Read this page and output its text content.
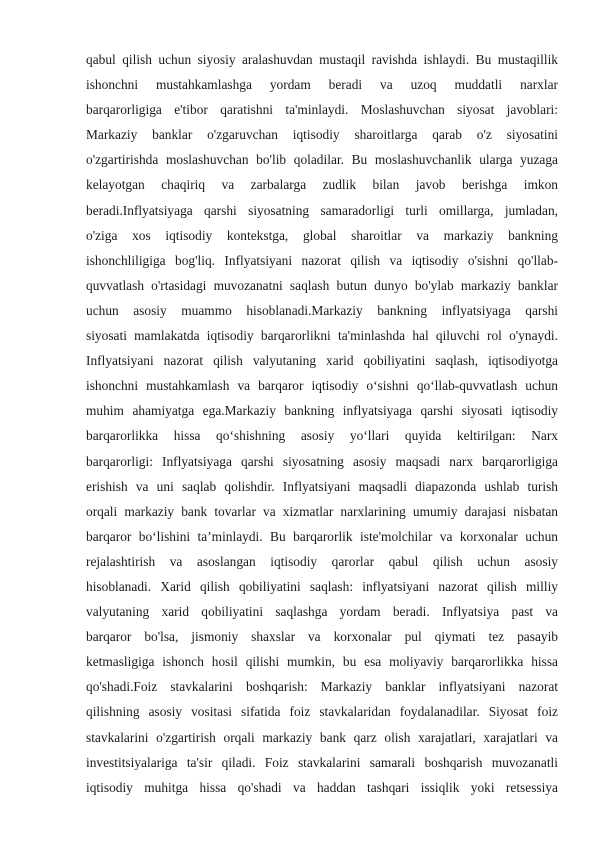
qabul qilish uchun siyosiy aralashuvdan mustaqil ravishda ishlaydi. Bu mustaqillik
ishonchni mustahkamlashga yordam beradi va uzoq muddatli narxlar
barqarorligiga e'tibor qaratishni ta'minlaydi. Moslashuvchan siyosat javoblari:
Markaziy banklar o'zgaruvchan iqtisodiy sharoitlarga qarab o'z siyosatini
o'zgartirishda moslashuvchan bo'lib qoladilar. Bu moslashuvchanlik ularga yuzaga
kelayotgan chaqiriq va zarbalarga zudlik bilan javob berishga imkon
beradi.Inflyatsiyaga qarshi siyosatning samaradorligi turli omillarga, jumladan,
o'ziga xos iqtisodiy kontekstga, global sharoitlar va markaziy bankning
ishonchliligiga bog'liq. Inflyatsiyani nazorat qilish va iqtisodiy o'sishni qo'llab-
quvvatlash o'rtasidagi muvozanatni saqlash butun dunyo bo'ylab markaziy banklar
uchun asosiy muammo hisoblanadi.Markaziy bankning inflyatsiyaga qarshi
siyosati mamlakatda iqtisodiy barqarorlikni ta'minlashda hal qiluvchi rol o'ynaydi.
Inflyatsiyani nazorat qilish valyutaning xarid qobiliyatini saqlash, iqtisodiyotga
ishonchni mustahkamlash va barqaror iqtisodiy o‘sishni qo‘llab-quvvatlash uchun
muhim ahamiyatga ega.Markaziy bankning inflyatsiyaga qarshi siyosati iqtisodiy
barqarorlikka hissa qo‘shishning asosiy yo‘llari quyida keltirilgan: Narx
barqarorligi: Inflyatsiyaga qarshi siyosatning asosiy maqsadi narx barqarorligiga
erishish va uni saqlab qolishdir. Inflyatsiyani maqsadli diapazonda ushlab turish
orqali markaziy bank tovarlar va xizmatlar narxlarining umumiy darajasi nisbatan
barqaror bo‘lishini ta’minlaydi. Bu barqarorlik iste'molchilar va korxonalar uchun
rejalashtirish va asoslangan iqtisodiy qarorlar qabul qilish uchun asosiy
hisoblanadi. Xarid qilish qobiliyatini saqlash: inflyatsiyani nazorat qilish milliy
valyutaning xarid qobiliyatini saqlashga yordam beradi. Inflyatsiya past va
barqaror bo'lsa, jismoniy shaxslar va korxonalar pul qiymati tez pasayib
ketmasligiga ishonch hosil qilishi mumkin, bu esa moliyaviy barqarorlikka hissa
qo'shadi.Foiz stavkalarini boshqarish: Markaziy banklar inflyatsiyani nazorat
qilishning asosiy vositasi sifatida foiz stavkalaridan foydalanadilar. Siyosat foiz
stavkalarini o'zgartirish orqali markaziy bank qarz olish xarajatlari, xarajatlari va
investitsiyalariga ta'sir qiladi. Foiz stavkalarini samarali boshqarish muvozanatli
iqtisodiy muhitga hissa qo'shadi va haddan tashqari issiqlik yoki retsessiya
